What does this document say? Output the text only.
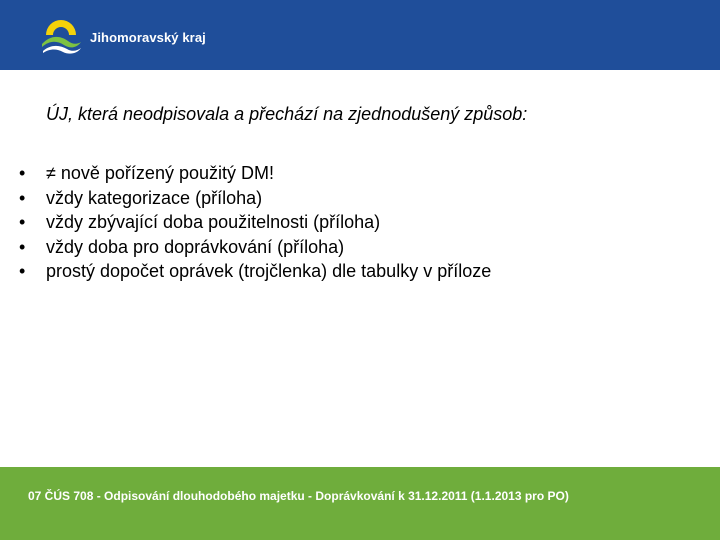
Jihomoravský kraj
ÚJ, která neodpisovala a přechází na zjednodušený způsob:
• ≠ nově pořízený použitý DM!
• vždy kategorizace (příloha)
• vždy zbývající doba použitelnosti (příloha)
• vždy doba pro doprávkování (příloha)
• prostý dopočet oprávek (trojčlenka) dle tabulky v příloze
07 ČÚS 708 - Odpisování dlouhodobého majetku - Doprávkování k 31.12.2011 (1.1.2013 pro PO)
